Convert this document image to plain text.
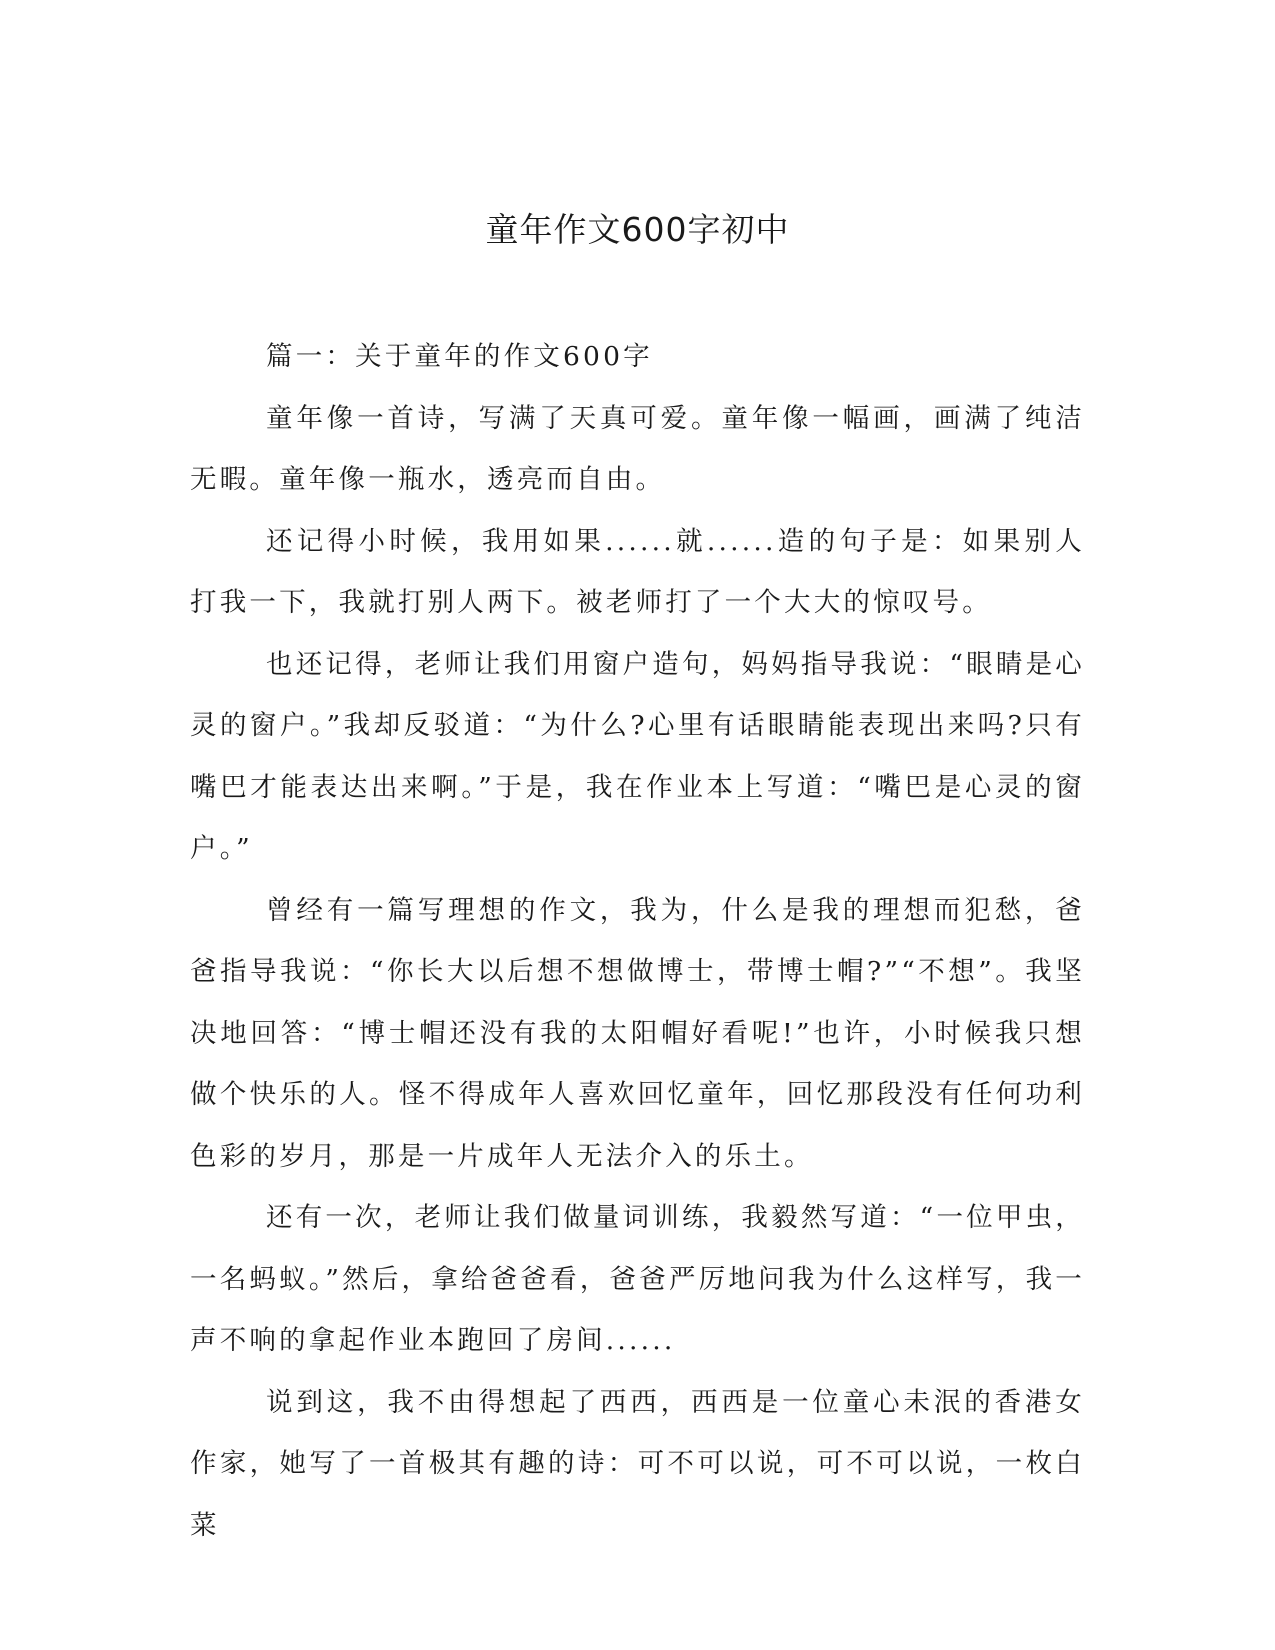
童年作文600字初中

篇一：关于童年的作文600字

童年像一首诗，写满了天真可爱。童年像一幅画，画满了纯洁无暇。童年像一瓶水，透亮而自由。

还记得小时候，我用如果......就......造的句子是：如果别人打我一下，我就打别人两下。被老师打了一个大大的惊叹号。

也还记得，老师让我们用窗户造句，妈妈指导我说：“眼睛是心灵的窗户。”我却反驳道：“为什么?心里有话眼睛能表现出来吗?只有嘴巴才能表达出来啊。”于是，我在作业本上写道：“嘴巴是心灵的窗户。”

曾经有一篇写理想的作文，我为，什么是我的理想而犯愁，爸爸指导我说：“你长大以后想不想做博士，带博士帽?”“不想”。我坚决地回答：“博士帽还没有我的太阳帽好看呢!”也许，小时候我只想做个快乐的人。怪不得成年人喜欢回忆童年，回忆那段没有任何功利色彩的岁月，那是一片成年人无法介入的乐土。

还有一次，老师让我们做量词训练，我毅然写道：“一位甲虫，一名蚂蚁。”然后，拿给爸爸看，爸爸严厉地问我为什么这样写，我一声不响的拿起作业本跑回了房间......

说到这，我不由得想起了西西，西西是一位童心未泯的香港女作家，她写了一首极其有趣的诗：可不可以说，可不可以说，一枚白菜
